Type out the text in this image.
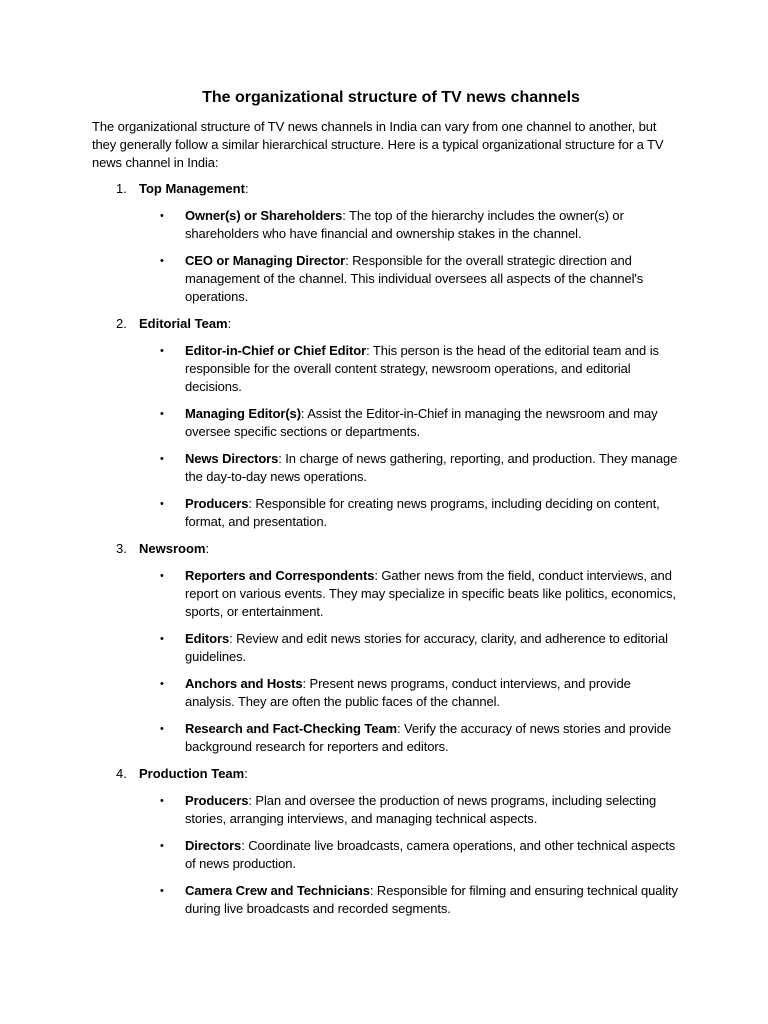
The organizational structure of TV news channels

The organizational structure of TV news channels in India can vary from one channel to another, but they generally follow a similar hierarchical structure. Here is a typical organizational structure for a TV news channel in India:

1. Top Management:
• Owner(s) or Shareholders: The top of the hierarchy includes the owner(s) or shareholders who have financial and ownership stakes in the channel.
• CEO or Managing Director: Responsible for the overall strategic direction and management of the channel. This individual oversees all aspects of the channel's operations.
2. Editorial Team:
• Editor-in-Chief or Chief Editor: This person is the head of the editorial team and is responsible for the overall content strategy, newsroom operations, and editorial decisions.
• Managing Editor(s): Assist the Editor-in-Chief in managing the newsroom and may oversee specific sections or departments.
• News Directors: In charge of news gathering, reporting, and production. They manage the day-to-day news operations.
• Producers: Responsible for creating news programs, including deciding on content, format, and presentation.
3. Newsroom:
• Reporters and Correspondents: Gather news from the field, conduct interviews, and report on various events. They may specialize in specific beats like politics, economics, sports, or entertainment.
• Editors: Review and edit news stories for accuracy, clarity, and adherence to editorial guidelines.
• Anchors and Hosts: Present news programs, conduct interviews, and provide analysis. They are often the public faces of the channel.
• Research and Fact-Checking Team: Verify the accuracy of news stories and provide background research for reporters and editors.
4. Production Team:
• Producers: Plan and oversee the production of news programs, including selecting stories, arranging interviews, and managing technical aspects.
• Directors: Coordinate live broadcasts, camera operations, and other technical aspects of news production.
• Camera Crew and Technicians: Responsible for filming and ensuring technical quality during live broadcasts and recorded segments.
